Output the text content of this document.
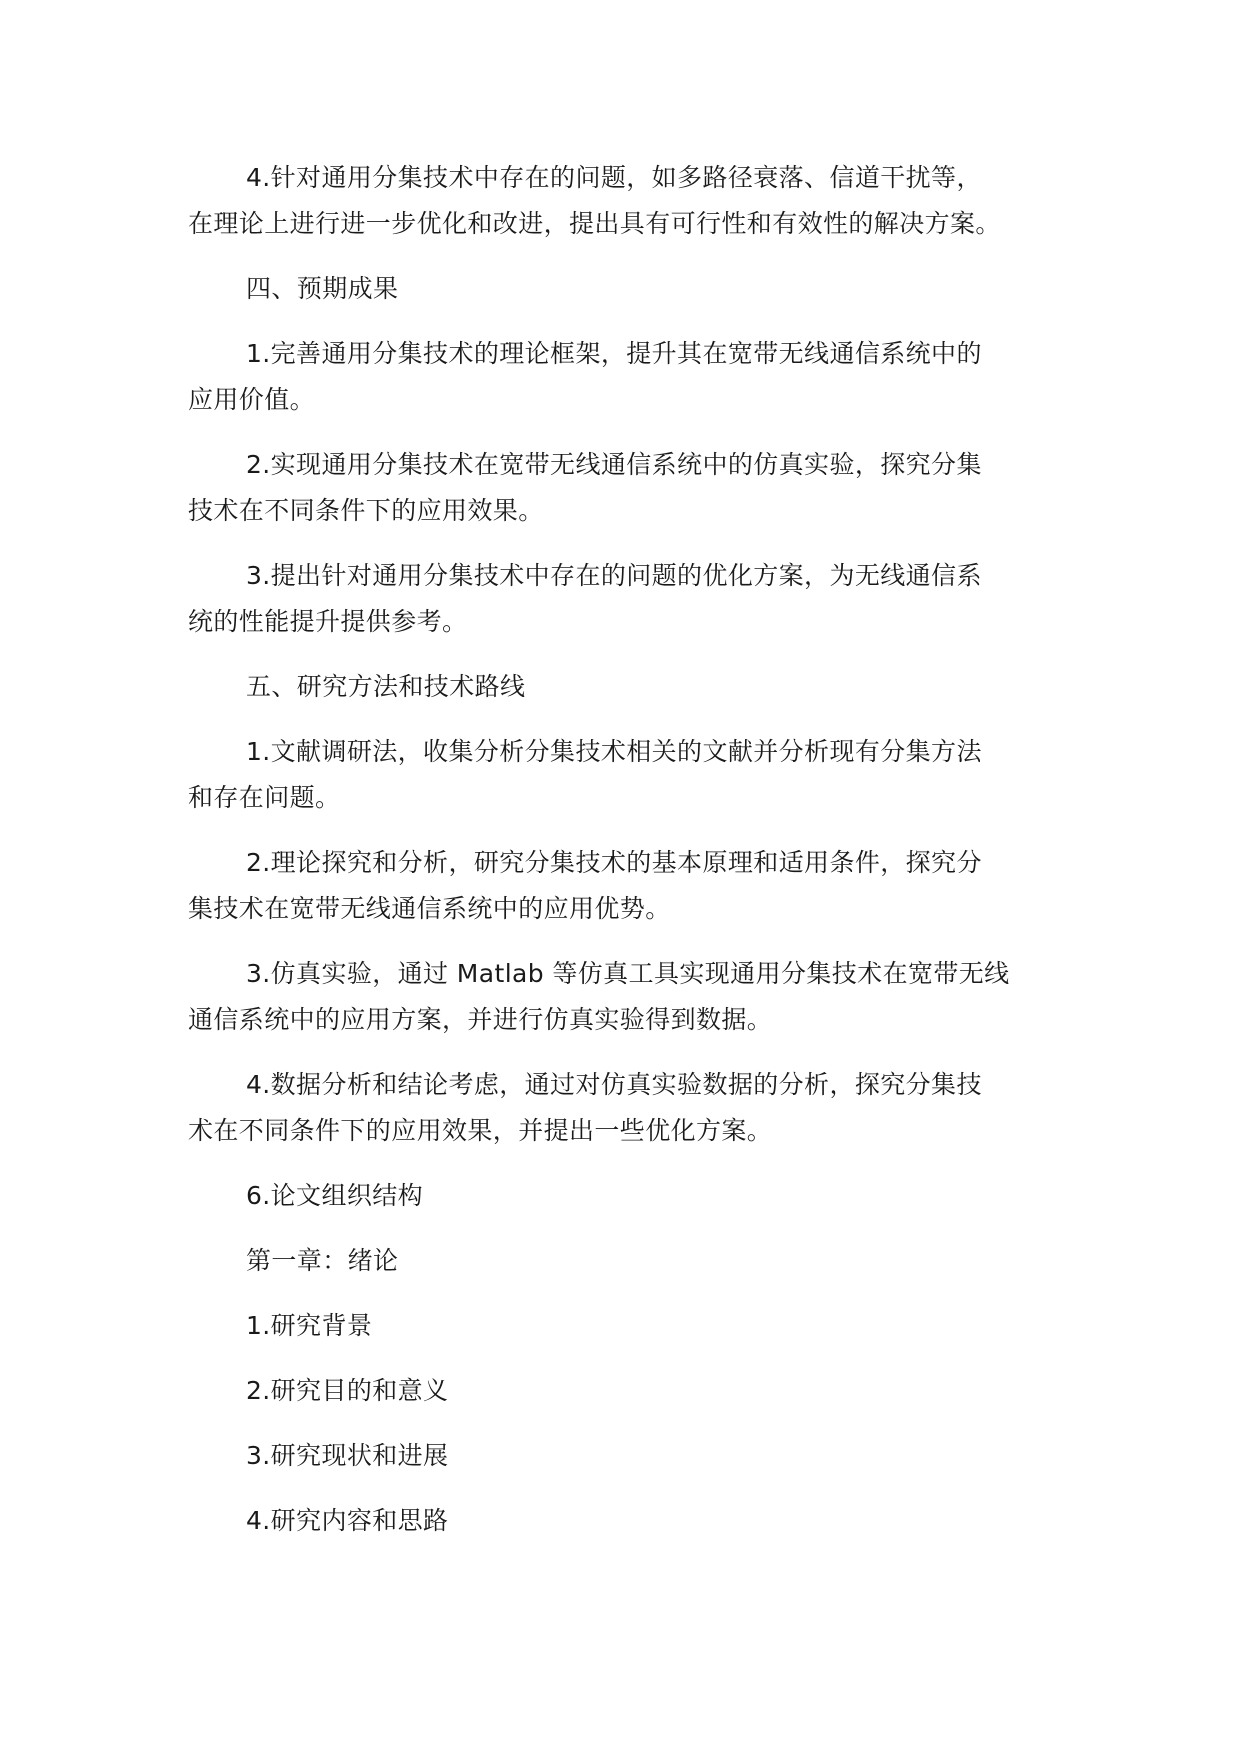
4.针对通用分集技术中存在的问题，如多路径衰落、信道干扰等，
在理论上进行进一步优化和改进，提出具有可行性和有效性的解决方案。

四、预期成果

1.完善通用分集技术的理论框架，提升其在宽带无线通信系统中的
应用价值。

2.实现通用分集技术在宽带无线通信系统中的仿真实验，探究分集
技术在不同条件下的应用效果。

3.提出针对通用分集技术中存在的问题的优化方案，为无线通信系
统的性能提升提供参考。

五、研究方法和技术路线

1.文献调研法，收集分析分集技术相关的文献并分析现有分集方法
和存在问题。

2.理论探究和分析，研究分集技术的基本原理和适用条件，探究分
集技术在宽带无线通信系统中的应用优势。

3.仿真实验，通过 Matlab 等仿真工具实现通用分集技术在宽带无线
通信系统中的应用方案，并进行仿真实验得到数据。

4.数据分析和结论考虑，通过对仿真实验数据的分析，探究分集技
术在不同条件下的应用效果，并提出一些优化方案。

6.论文组织结构
第一章：绪论
1.研究背景
2.研究目的和意义
3.研究现状和进展
4.研究内容和思路
